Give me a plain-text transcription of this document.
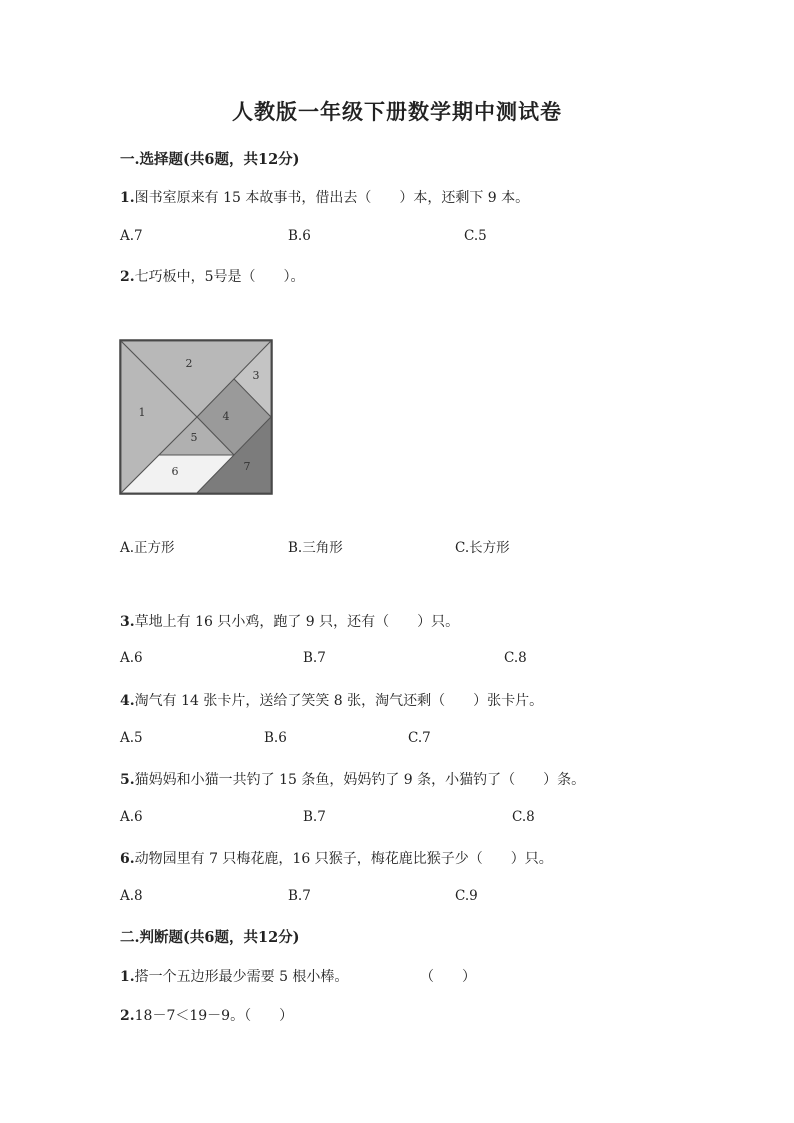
人教版一年级下册数学期中测试卷
一.选择题(共6题，共12分)
1.图书室原来有 15 本故事书，借出去（　　）本，还剩下 9 本。
A.7	B.6	C.5
2.七巧板中，5号是（　　）。
1
2
3
4
5
6	7
A.正方形	B.三角形	C.长方形
3.草地上有 16 只小鸡，跑了 9 只，还有（　　）只。
A.6	B.7	C.8
4.淘气有 14 张卡片，送给了笑笑 8 张，淘气还剩（　　）张卡片。
A.5	B.6	C.7
5.猫妈妈和小猫一共钓了 15 条鱼，妈妈钓了 9 条，小猫钓了（　　）条。
A.6	B.7	C.8
6.动物园里有 7 只梅花鹿，16 只猴子，梅花鹿比猴子少（　　）只。
A.8	B.7	C.9
二.判断题(共6题，共12分)
1.搭一个五边形最少需要 5 根小棒。	（　　）
2.18－7＜19－9。（　　）
